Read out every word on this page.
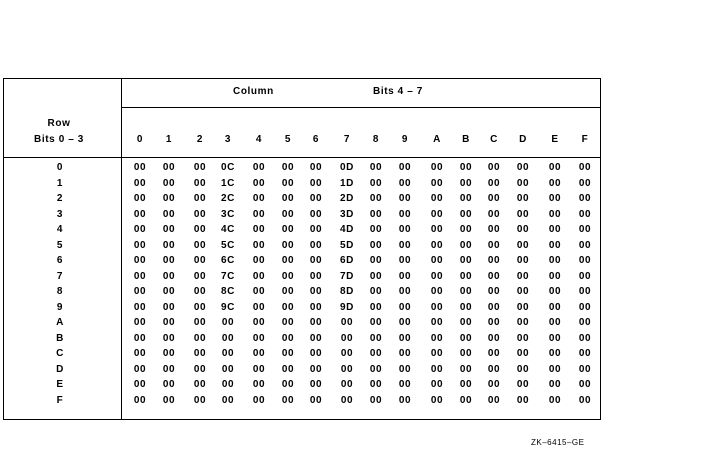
Column	Bits 4 – 7
Row
Bits 0 – 3	0 1 2 3 4 5 6 7 8 9	A B C D E F
0	00 00 00 0C 00 00 00 0D 00 00 00 00 00 00 00 00
1	00 00 00 1C 00 00 00 1D 00 00 00 00 00 00 00 00
2	00 00 00 2C 00 00 00 2D 00 00 00 00 00 00 00 00
3	00 00 00 3C 00 00 00 3D 00 00 00 00 00 00 00 00
4	00 00 00 4C 00 00 00 4D 00 00 00 00 00 00 00 00
5	00 00 00 5C 00 00 00 5D 00 00 00 00 00 00 00 00
6	00 00 00 6C 00 00 00 6D 00 00 00 00 00 00 00 00
7	00 00 00 7C 00 00 00 7D 00 00 00 00 00 00 00 00
8	00 00 00 8C 00 00 00 8D 00 00 00 00 00 00 00 00
9	00 00 00 9C 00 00 00 9D 00 00 00 00 00 00 00 00
A	00 00 00 00 00 00 00 00 00 00 00 00 00 00 00 00
B	00 00 00 00 00 00 00 00 00 00 00 00 00 00 00 00
C	00 00 00 00 00 00 00 00 00 00 00 00 00 00 00 00
D	00 00 00 00 00 00 00 00 00 00 00 00 00 00 00 00
E	00 00 00 00 00 00 00 00 00 00 00 00 00 00 00 00
F	00 00 00 00 00 00 00 00 00 00 00 00 00 00 00 00
ZK–6415–GE
